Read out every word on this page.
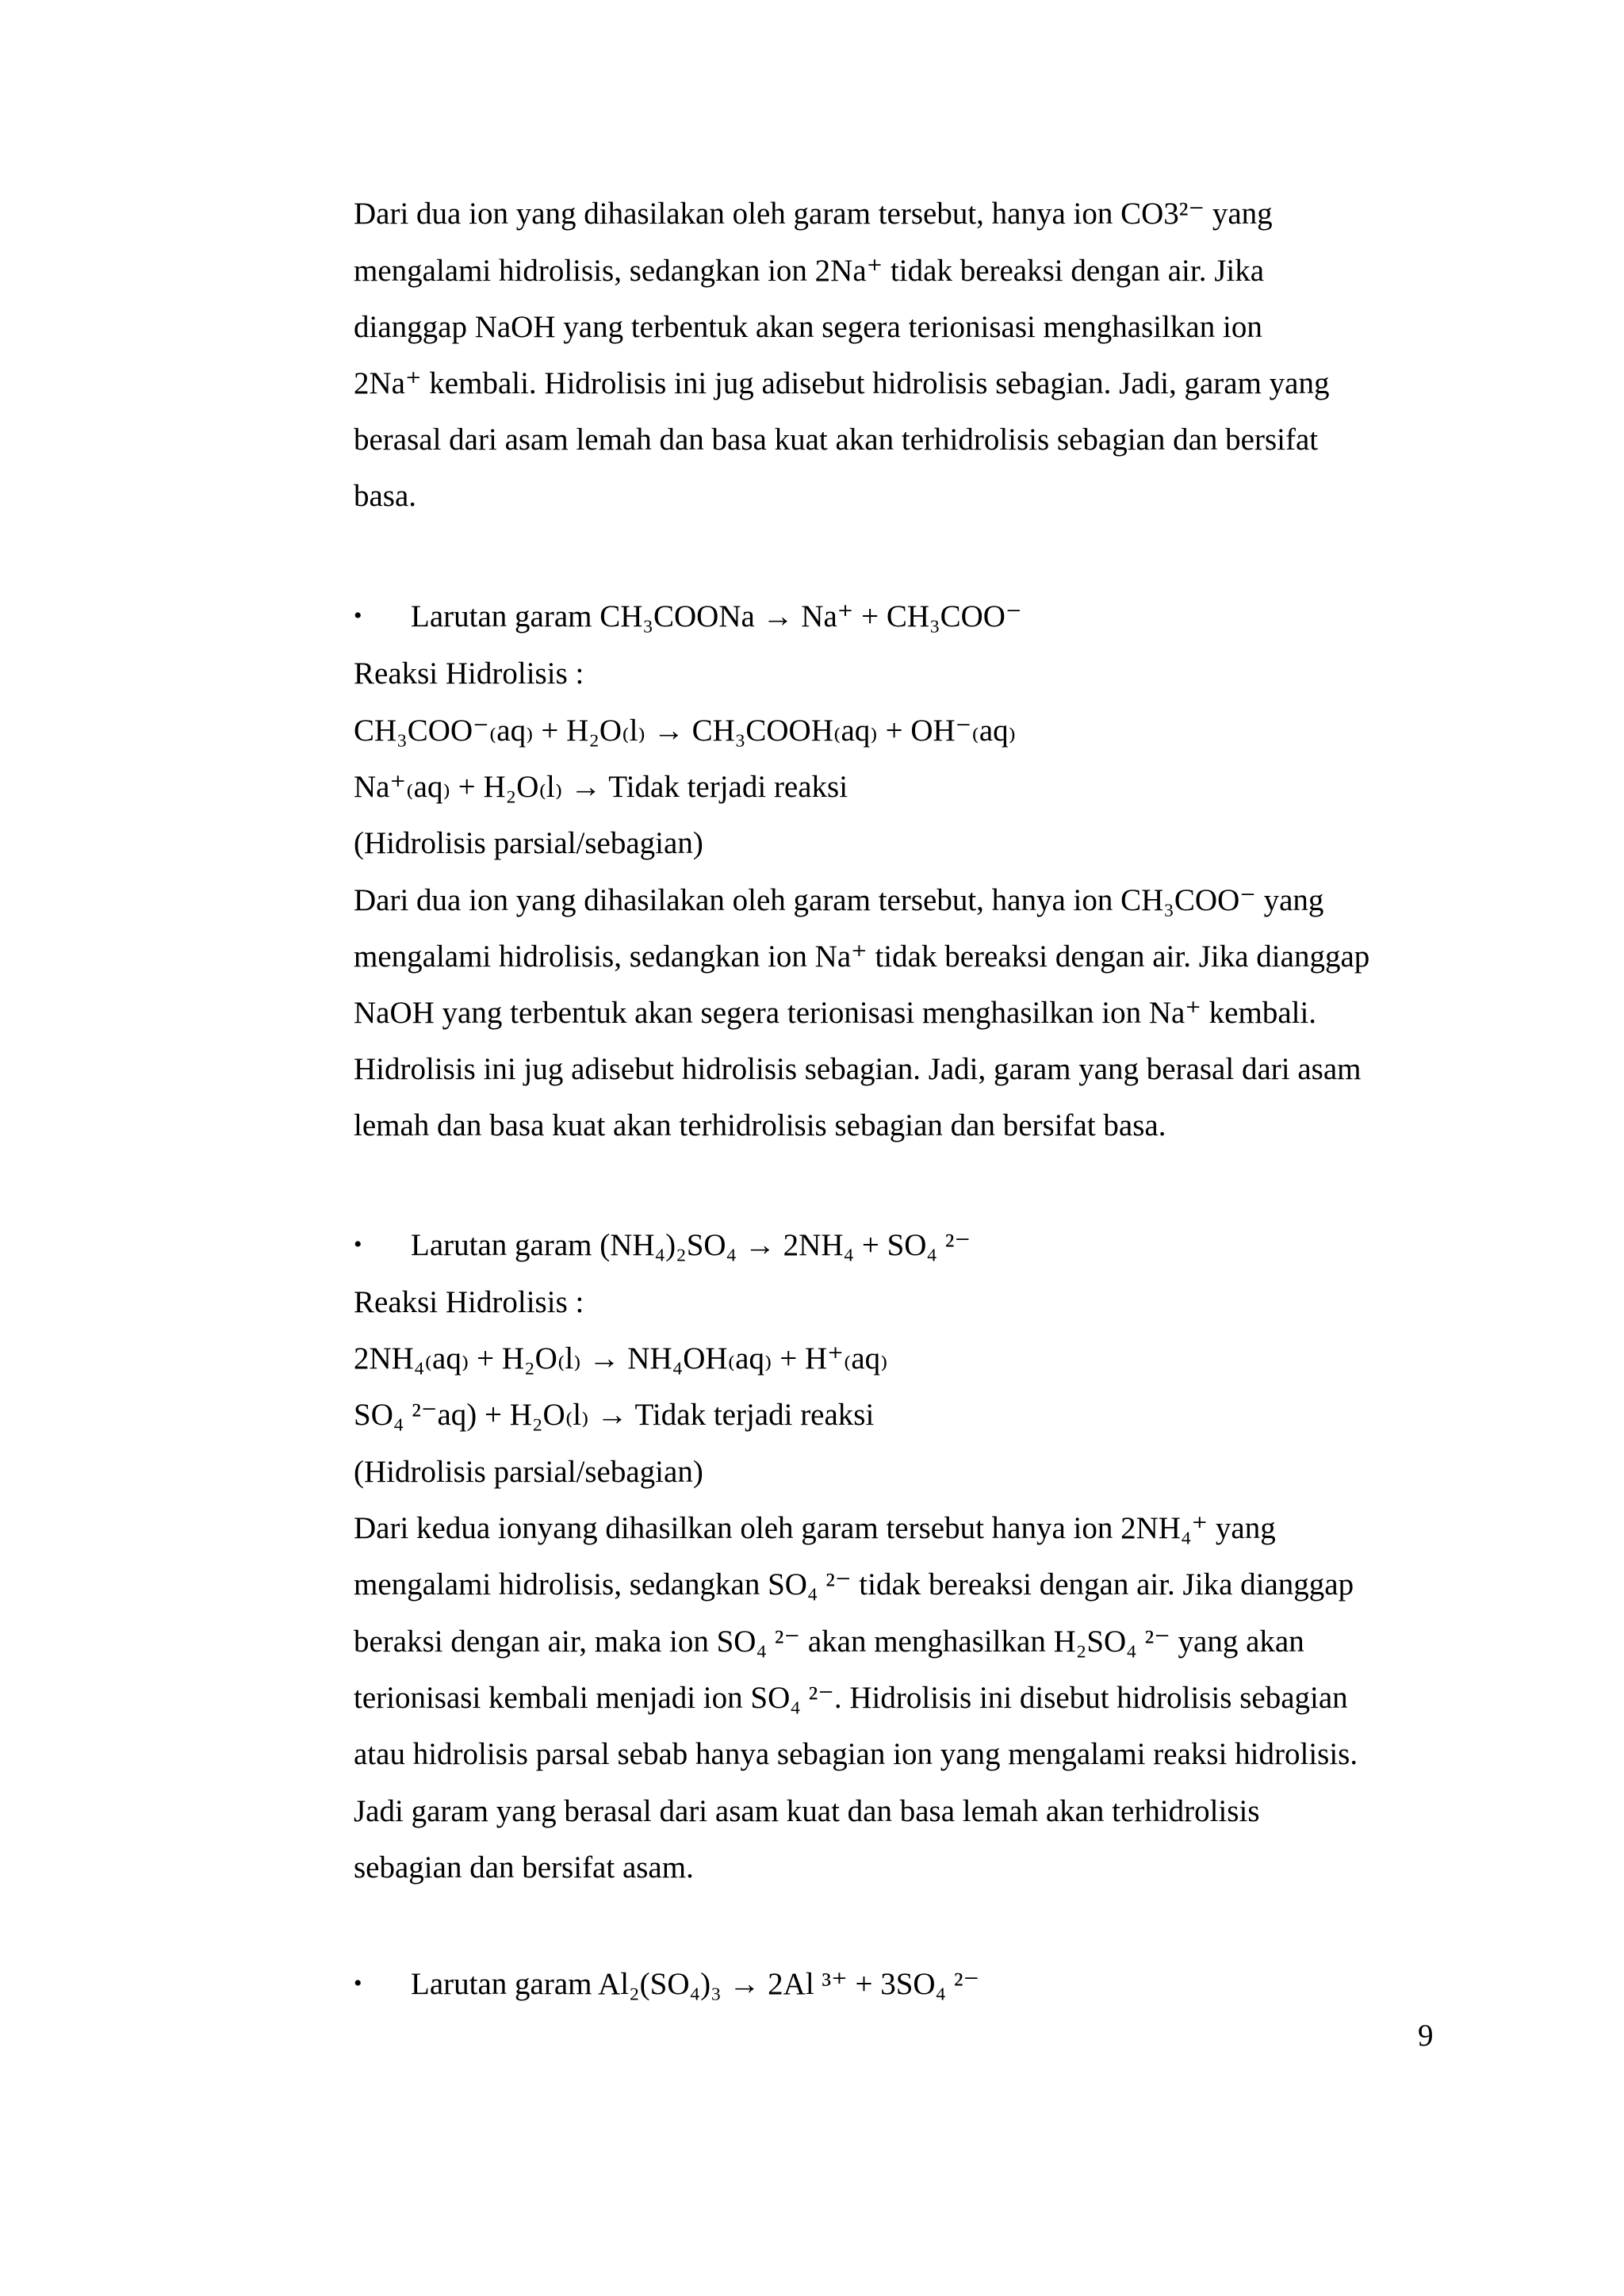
Dari dua ion yang dihasilakan oleh garam tersebut, hanya ion CO3²⁻ yang
mengalami hidrolisis, sedangkan ion 2Na⁺ tidak bereaksi dengan air. Jika
dianggap NaOH yang terbentuk akan segera terionisasi menghasilkan ion
2Na⁺ kembali. Hidrolisis ini jug adisebut hidrolisis sebagian. Jadi, garam yang
berasal dari asam lemah dan basa kuat akan terhidrolisis sebagian dan bersifat
basa.
• Larutan garam CH₃COONa → Na⁺ + CH₃COO⁻
Reaksi Hidrolisis :
CH₃COO⁻₍aq₎ + H₂O₍l₎ → CH₃COOH₍aq₎ + OH⁻₍aq₎
Na⁺₍aq₎ + H₂O₍l₎ → Tidak terjadi reaksi
(Hidrolisis parsial/sebagian)
Dari dua ion yang dihasilakan oleh garam tersebut, hanya ion CH₃COO⁻ yang
mengalami hidrolisis, sedangkan ion Na⁺ tidak bereaksi dengan air. Jika dianggap
NaOH yang terbentuk akan segera terionisasi menghasilkan ion Na⁺ kembali.
Hidrolisis ini jug adisebut hidrolisis sebagian. Jadi, garam yang berasal dari asam
lemah dan basa kuat akan terhidrolisis sebagian dan bersifat basa.
• Larutan garam (NH₄)₂SO₄ → 2NH₄ + SO₄ ²⁻
Reaksi Hidrolisis :
2NH₄₍aq₎ + H₂O₍l₎ → NH₄OH₍aq₎ + H⁺₍aq₎
SO₄ ²⁻aq) + H₂O₍l₎ → Tidak terjadi reaksi
(Hidrolisis parsial/sebagian)
Dari kedua ionyang dihasilkan oleh garam tersebut hanya ion 2NH₄⁺ yang
mengalami hidrolisis, sedangkan SO₄ ²⁻ tidak bereaksi dengan air. Jika dianggap
beraksi dengan air, maka ion SO₄ ²⁻ akan menghasilkan H₂SO₄ ²⁻ yang akan
terionisasi kembali menjadi ion SO₄ ²⁻. Hidrolisis ini disebut hidrolisis sebagian
atau hidrolisis parsal sebab hanya sebagian ion yang mengalami reaksi hidrolisis.
Jadi garam yang berasal dari asam kuat dan basa lemah akan terhidrolisis
sebagian dan bersifat asam.
• Larutan garam Al₂(SO₄)₃ → 2Al ³⁺ + 3SO₄ ²⁻
9
